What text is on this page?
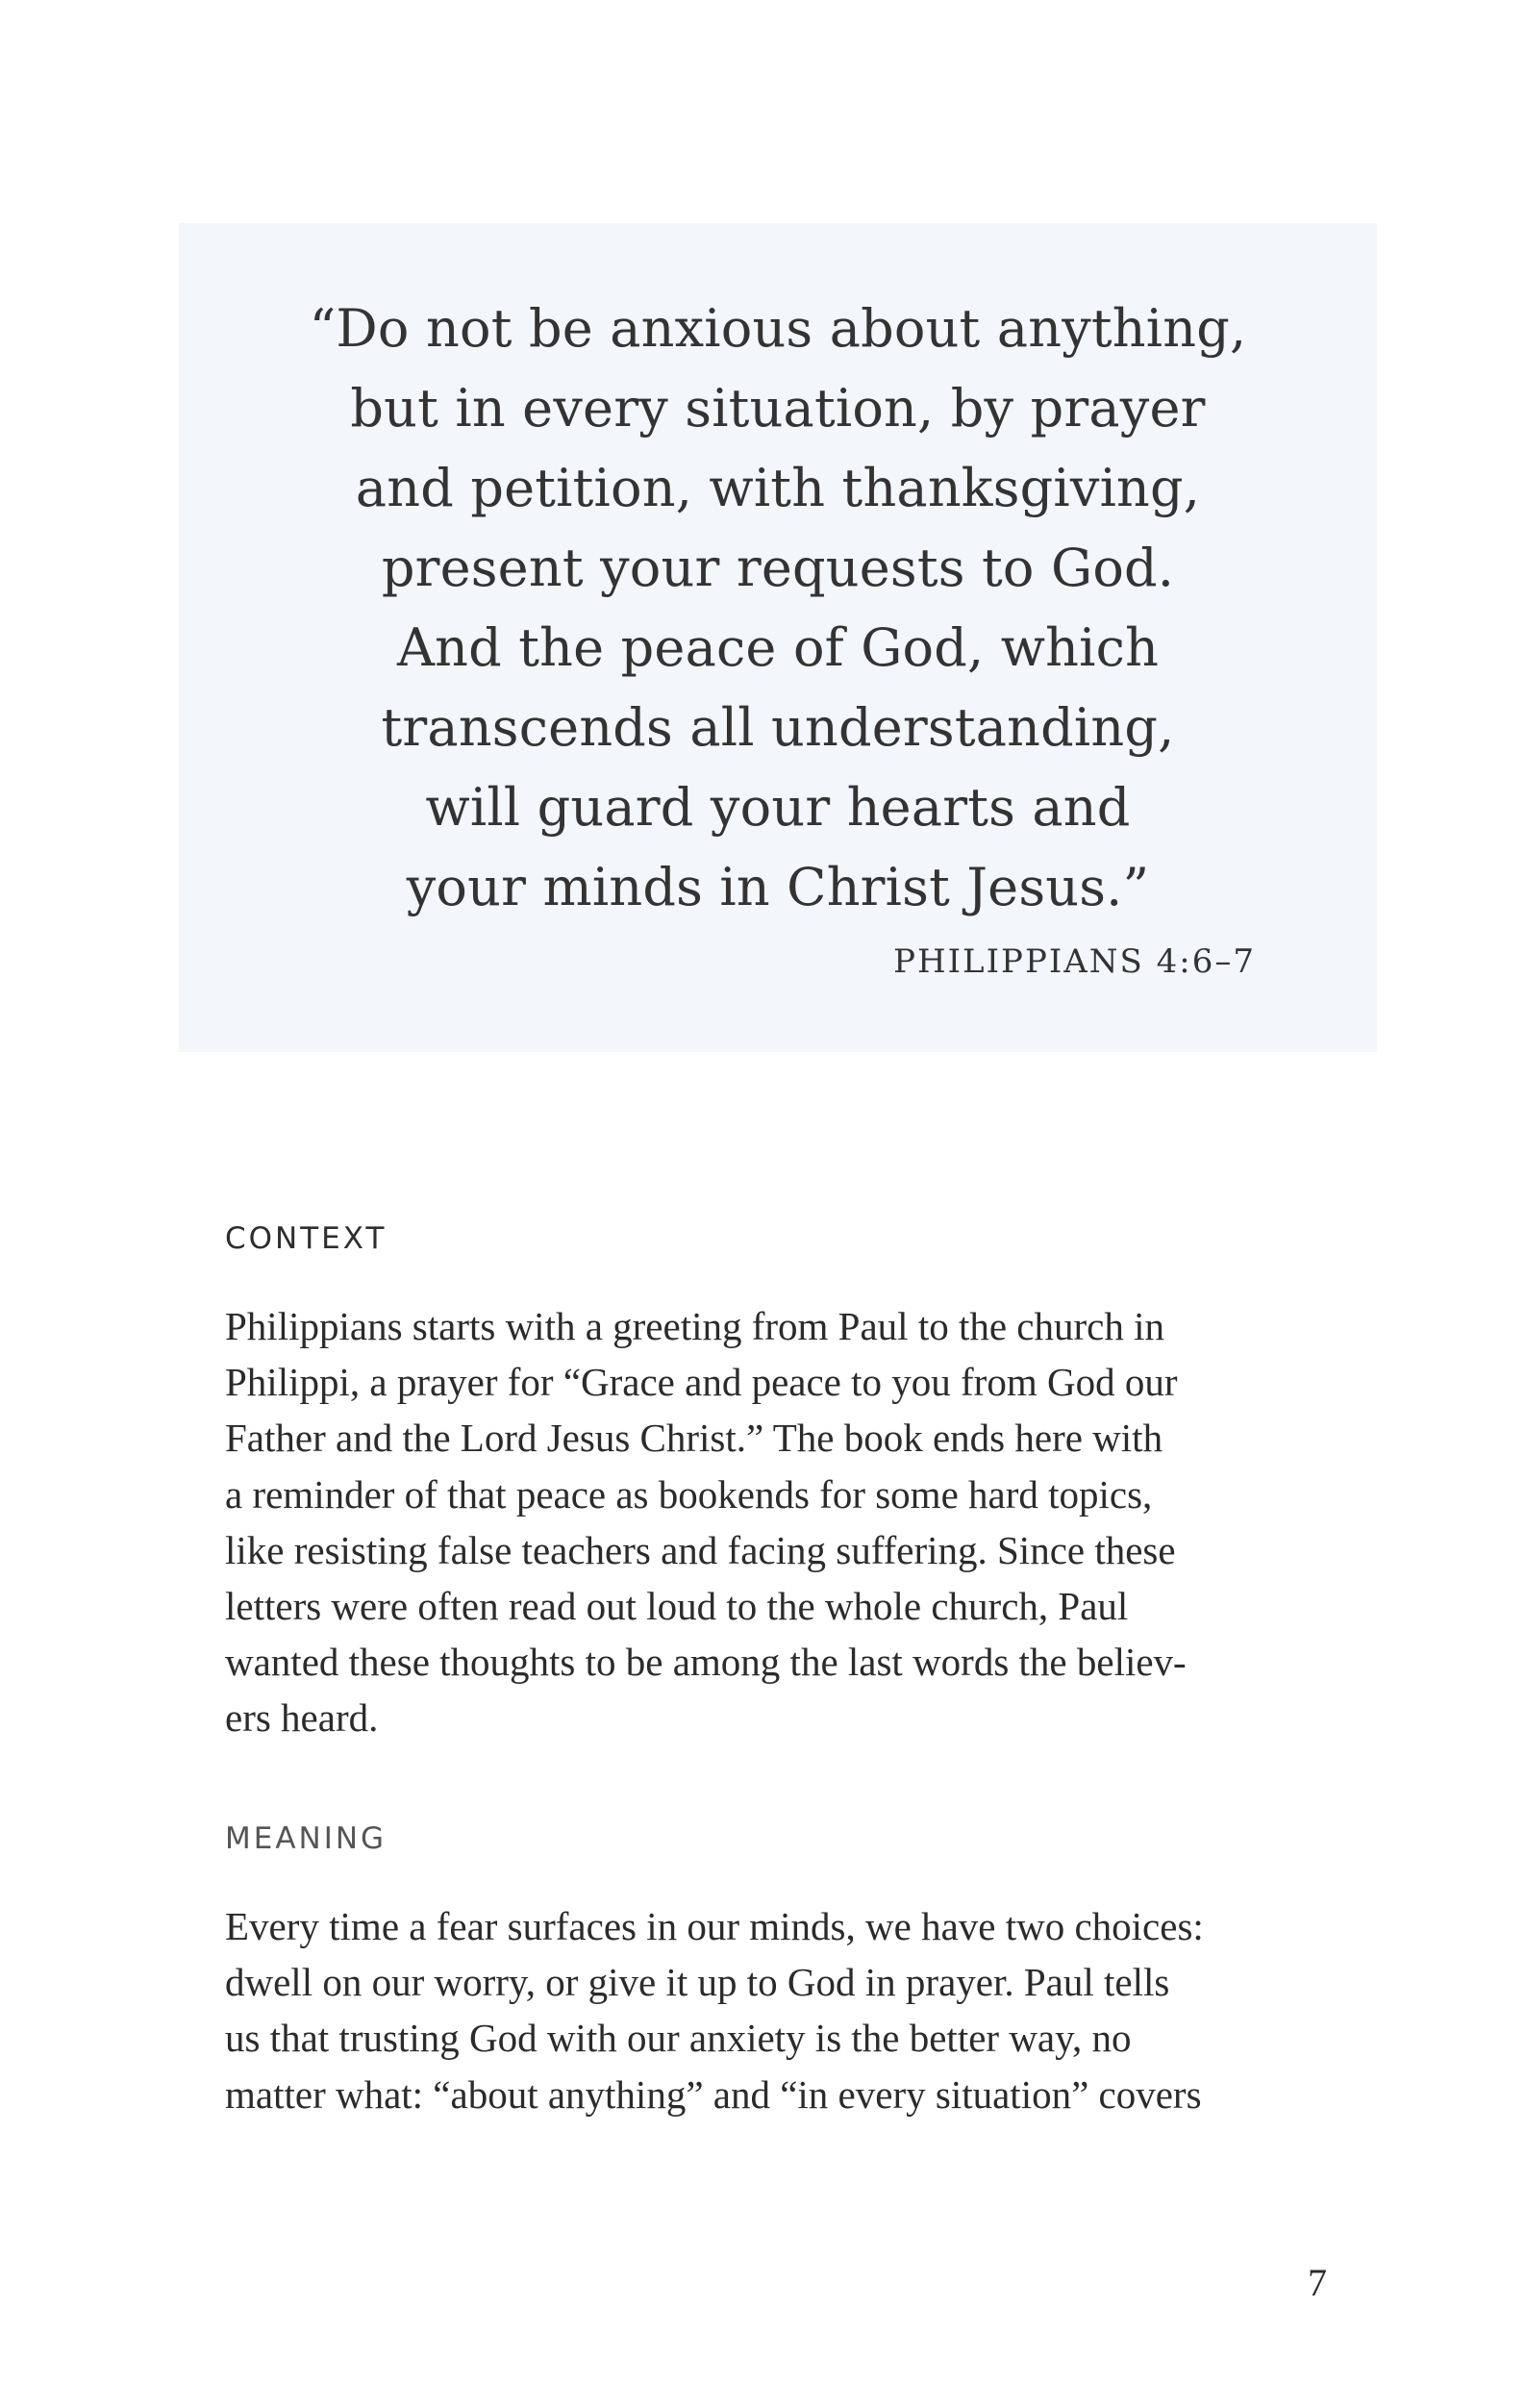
“Do not be anxious about anything,
but in every situation, by prayer
and petition, with thanksgiving,
present your requests to God.
And the peace of God, which
transcends all understanding,
will guard your hearts and
your minds in Christ Jesus.”
PHILIPPIANS 4:6–7
CONTEXT
Philippians starts with a greeting from Paul to the church in
Philippi, a prayer for “Grace and peace to you from God our
Father and the Lord Jesus Christ.” The book ends here with
a reminder of that peace as bookends for some hard topics,
like resisting false teachers and facing suffering. Since these
letters were often read out loud to the whole church, Paul
wanted these thoughts to be among the last words the believ-
ers heard.
MEANING
Every time a fear surfaces in our minds, we have two choices:
dwell on our worry, or give it up to God in prayer. Paul tells
us that trusting God with our anxiety is the better way, no
matter what: “about anything” and “in every situation” covers
7
